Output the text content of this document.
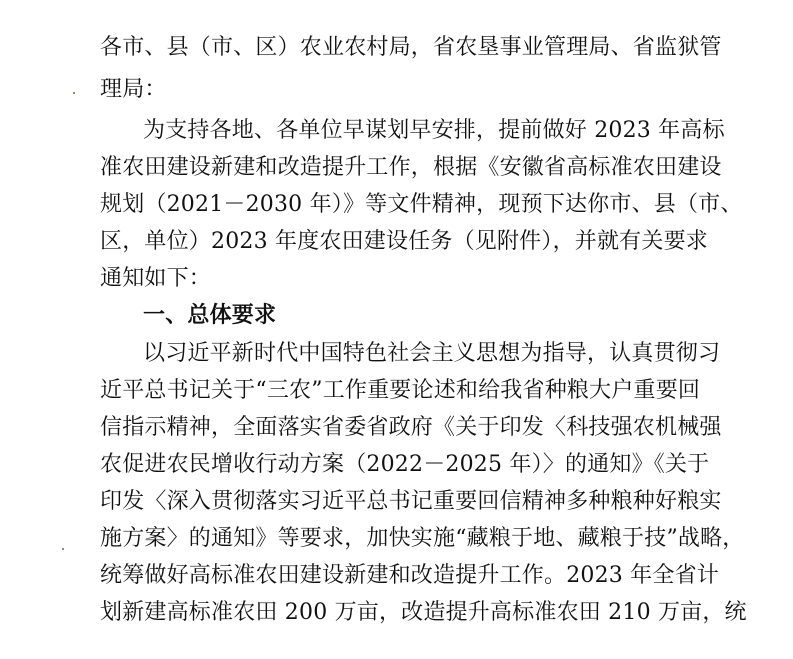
各市、县（市、区）农业农村局，省农垦事业管理局、省监狱管
理局：
为支持各地、各单位早谋划早安排，提前做好 2023 年高标
准农田建设新建和改造提升工作，根据《安徽省高标准农田建设
规划（2021－2030 年）》等文件精神，现预下达你市、县（市、
区，单位）2023 年度农田建设任务（见附件），并就有关要求
通知如下：
一、总体要求
以习近平新时代中国特色社会主义思想为指导，认真贯彻习
近平总书记关于“三农”工作重要论述和给我省种粮大户重要回
信指示精神，全面落实省委省政府《关于印发〈科技强农机械强
农促进农民增收行动方案（2022－2025 年）〉的通知》《关于
印发〈深入贯彻落实习近平总书记重要回信精神多种粮种好粮实
施方案〉的通知》等要求，加快实施“藏粮于地、藏粮于技”战略，
统筹做好高标准农田建设新建和改造提升工作。2023 年全省计
划新建高标准农田 200 万亩，改造提升高标准农田 210 万亩，统
